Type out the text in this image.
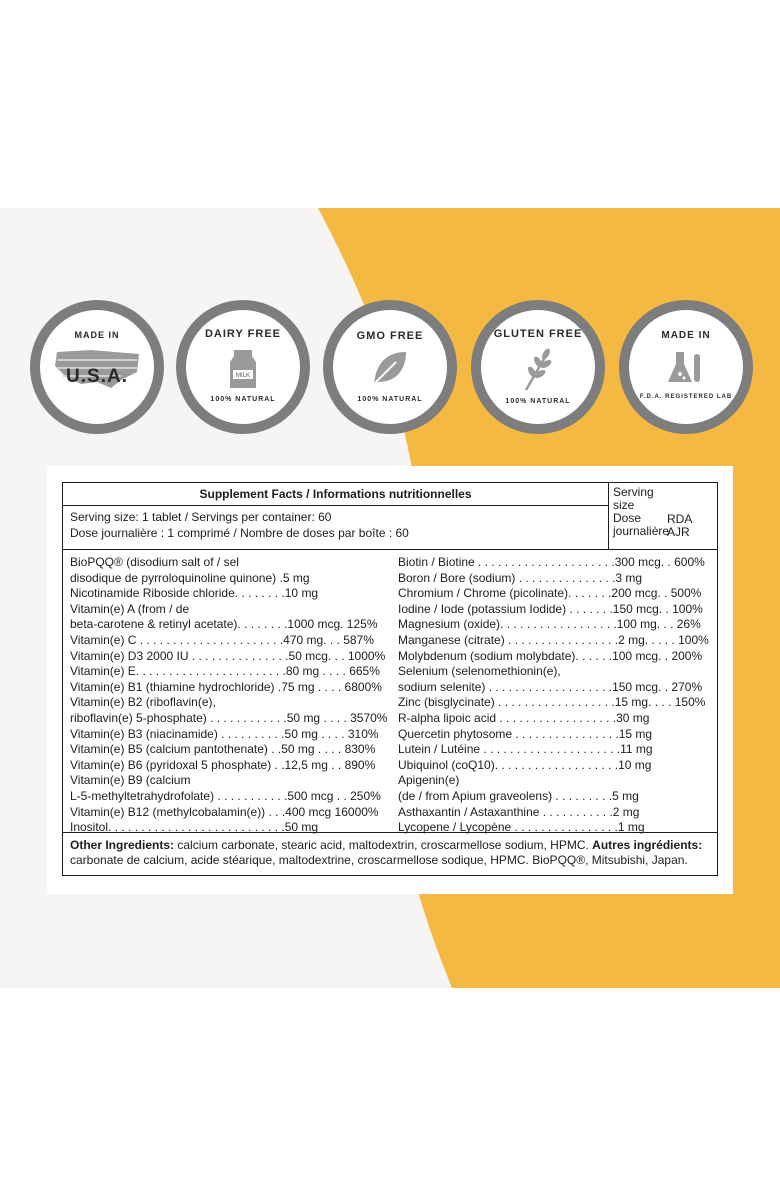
MADE IN
U.S.A.
DAIRY FREE
MILK
100% NATURAL
GMO FREE
100% NATURAL
GLUTEN FREE
100% NATURAL
MADE IN
F.D.A. REGISTERED LAB
Supplement Facts / Informations nutritionnelles
Serving size: 1 tablet / Servings per container: 60
Dose journalière : 1 comprimé / Nombre de doses par boîte : 60
Serving size Dose journalière
RDA AJR
BioPQQ® (disodium salt of / sel
disodique de pyrroloquinoline quinone) .5 mg
Nicotinamide Riboside chloride. . . . . . . .10 mg
Vitamin(e) A (from / de
beta-carotene & retinyl acetate). . . . . . . .1000 mcg. 125%
Vitamin(e) C . . . . . . . . . . . . . . . . . . . . . .470 mg. . . 587%
Vitamin(e) D3 2000 IU . . . . . . . . . . . . . . .50 mcg. . . 1000%
Vitamin(e) E. . . . . . . . . . . . . . . . . . . . . . .80 mg . . . . 665%
Vitamin(e) B1 (thiamine hydrochloride) .75 mg . . . . 6800%
Vitamin(e) B2 (riboflavin(e),
riboflavin(e) 5-phosphate) . . . . . . . . . . . .50 mg . . . . 3570%
Vitamin(e) B3 (niacinamide) . . . . . . . . . .50 mg . . . . 310%
Vitamin(e) B5 (calcium pantothenate) . .50 mg . . . . 830%
Vitamin(e) B6 (pyridoxal 5 phosphate) . .12,5 mg . . 890%
Vitamin(e) B9 (calcium
L-5-methyltetrahydrofolate) . . . . . . . . . . .500 mcg . . 250%
Vitamin(e) B12 (methylcobalamin(e)) . . .400 mcg 16000%
Inositol. . . . . . . . . . . . . . . . . . . . . . . . . . .50 mg
Biotin / Biotine . . . . . . . . . . . . . . . . . . . . .300 mcg. . 600%
Boron / Bore (sodium) . . . . . . . . . . . . . . .3 mg
Chromium / Chrome (picolinate). . . . . . .200 mcg. . 500%
Iodine / Iode (potassium Iodide) . . . . . . .150 mcg. . 100%
Magnesium (oxide). . . . . . . . . . . . . . . . . .100 mg. . . 26%
Manganese (citrate) . . . . . . . . . . . . . . . . .2 mg. . . . . 100%
Molybdenum (sodium molybdate). . . . . .100 mcg. . 200%
Selenium (selenomethionin(e),
sodium selenite) . . . . . . . . . . . . . . . . . . .150 mcg. . 270%
Zinc (bisglycinate) . . . . . . . . . . . . . . . . . .15 mg. . . . 150%
R-alpha lipoic acid . . . . . . . . . . . . . . . . . .30 mg
Quercetin phytosome . . . . . . . . . . . . . . . .15 mg
Lutein / Lutéine . . . . . . . . . . . . . . . . . . . . .11 mg
Ubiquinol (coQ10). . . . . . . . . . . . . . . . . . .10 mg
Apigenin(e)
(de / from Apium graveolens) . . . . . . . . .5 mg
Asthaxantin / Astaxanthine . . . . . . . . . . .2 mg
Lycopene / Lycopène . . . . . . . . . . . . . . . .1 mg
Other Ingredients: calcium carbonate, stearic acid, maltodextrin, croscarmellose sodium, HPMC. Autres ingrédients: carbonate de calcium, acide stéarique, maltodextrine, croscarmellose sodique, HPMC. BioPQQ®, Mitsubishi, Japan.
